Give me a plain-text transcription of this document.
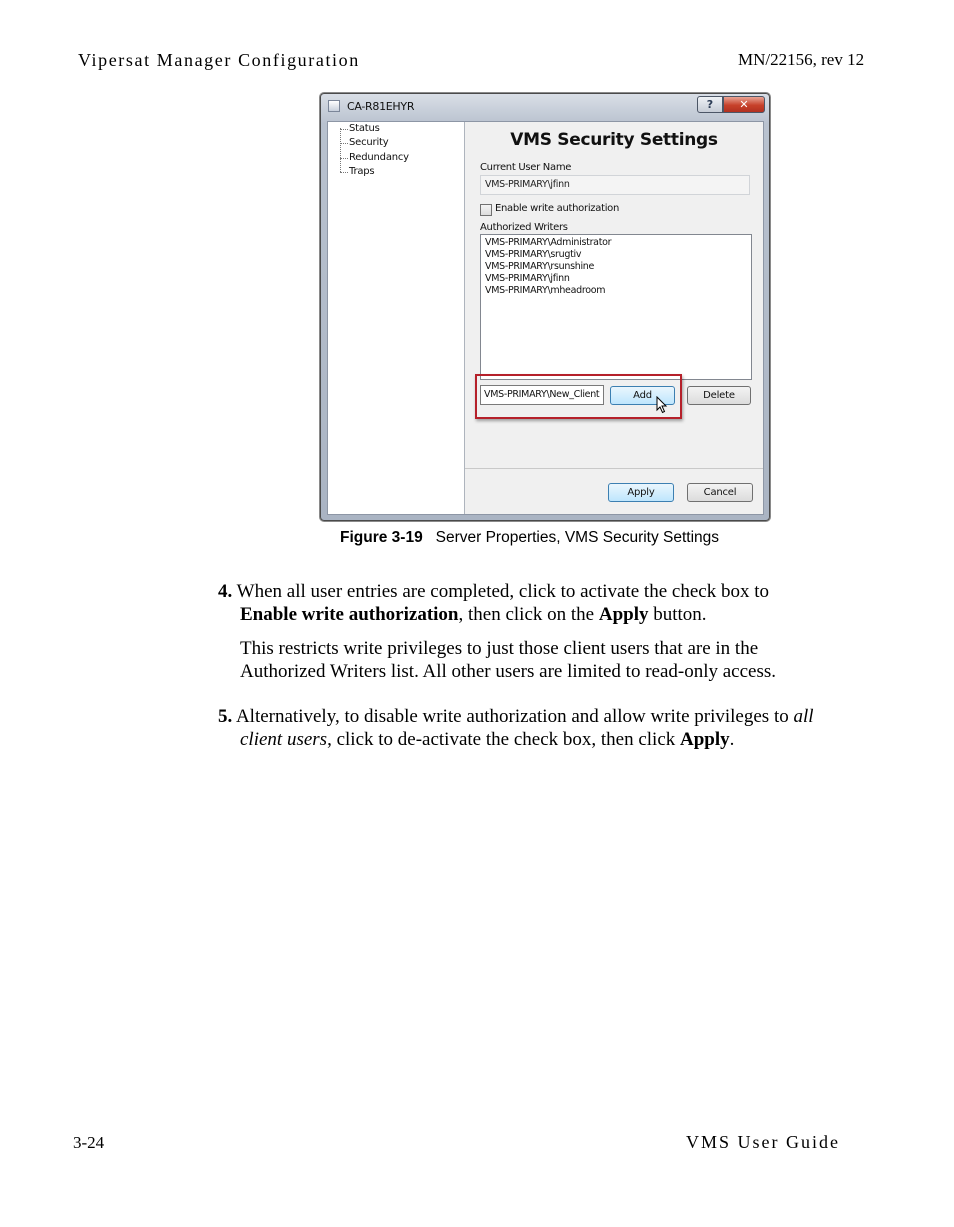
Vipersat Manager Configuration	MN/22156, rev 12
CA-R81EHYR	? ✕
Status
Security
Redundancy
Traps
VMS Security Settings
Current User Name
VMS-PRIMARY\jfinn
Enable write authorization
Authorized Writers
VMS-PRIMARY\Administrator
VMS-PRIMARY\srugtiv
VMS-PRIMARY\rsunshine
VMS-PRIMARY\jfinn
VMS-PRIMARY\mheadroom
VMS-PRIMARY\New_Client	Add	Delete
Apply	Cancel
Figure 3-19 Server Properties, VMS Security Settings
4. When all user entries are completed, click to activate the check box to
Enable write authorization, then click on the Apply button.
This restricts write privileges to just those client users that are in the
Authorized Writers list. All other users are limited to read-only access.
5. Alternatively, to disable write authorization and allow write privileges to all
client users, click to de-activate the check box, then click Apply.
3-24	VMS User Guide
